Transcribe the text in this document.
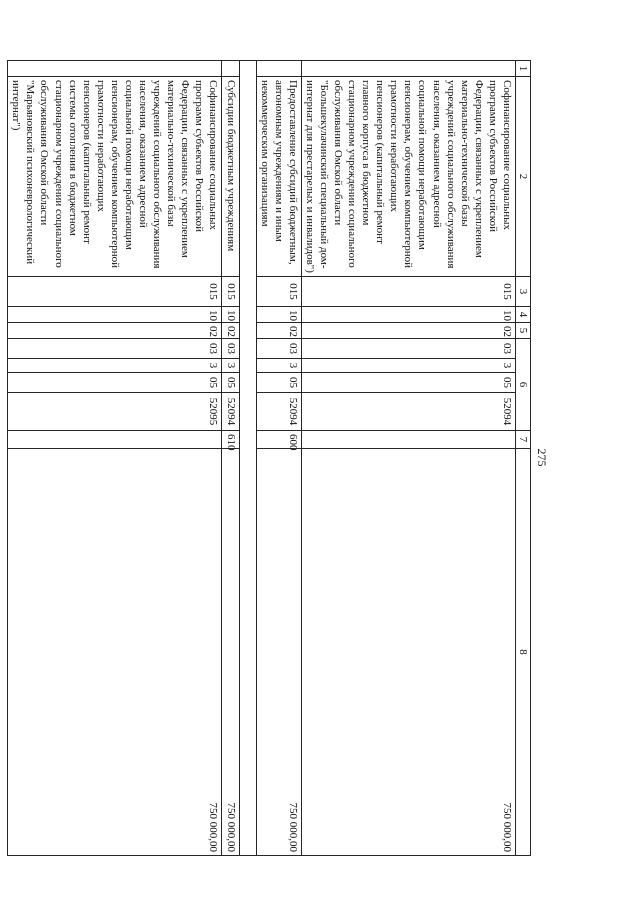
275
1	2	3	4	5	6				7	8
	Софинансирование социальных программ субъектов Российской Федерации, связанных с укреплением материально-технической базы учреждений социального обслуживания населения, оказанием адресной социальной помощи неработающим пенсионерам, обучением компьютерной грамотности неработающих пенсионеров (капитальный ремонт главного корпуса в бюджетном стационарном учреждении социального обслуживания Омской области "Большекулачинский специальный дом-интернат для престарелых и инвалидов")	015	10	02	03	3	05	52094		750 000,00
	Предоставление субсидий бюджетным, автономным учреждениям и иным некоммерческим организациям	015	10	02	03	3	05	52094	600	750 000,00

	Субсидии бюджетным учреждениям	015	10	02	03	3	05	52094	610	750 000,00
	Софинансирование социальных программ субъектов Российской Федерации, связанных с укреплением материально-технической базы учреждений социального обслуживания населения, оказанием адресной социальной помощи неработающим пенсионерам, обучением компьютерной грамотности неработающих пенсионеров (капитальный ремонт системы отопления в бюджетном стационарном учреждении социального обслуживания Омской области "Марьяновский психоневрологический интернат")	015	10	02	03	3	05	52095		750 000,00
